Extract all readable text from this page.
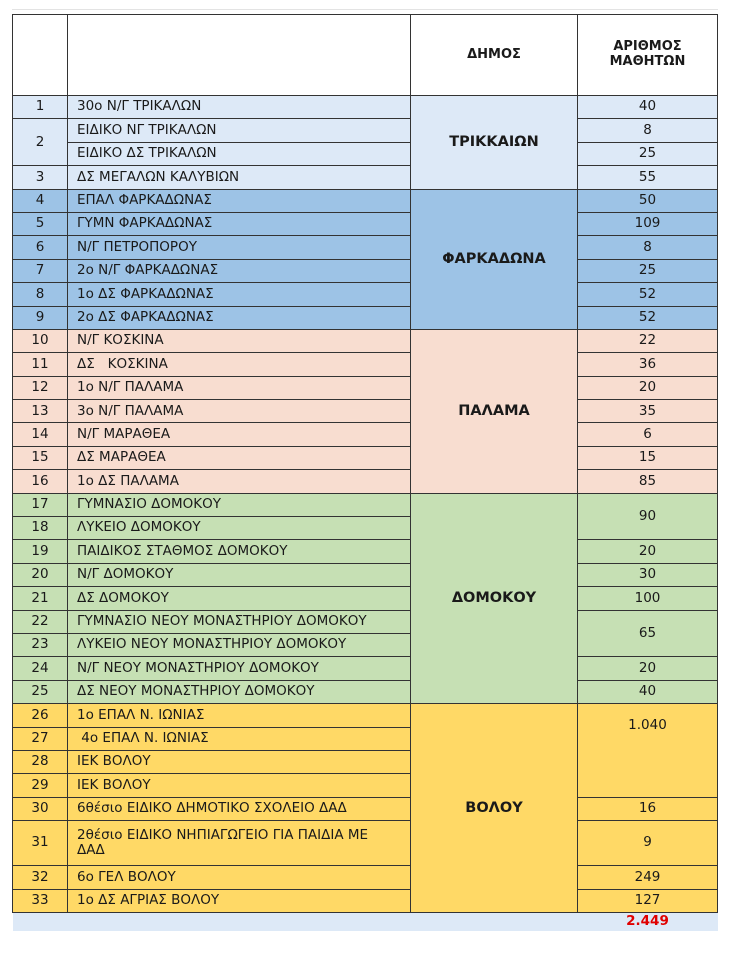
		ΔΗΜΟΣ	ΑΡΙΘΜΟΣ ΜΑΘΗΤΩΝ
1	30ο Ν/Γ ΤΡΙΚΑΛΩΝ	ΤΡΙΚΚΑΙΩΝ	40
2	ΕΙΔΙΚΟ ΝΓ ΤΡΙΚΑΛΩΝ		8
	ΕΙΔΙΚΟ ΔΣ ΤΡΙΚΑΛΩΝ		25
3	ΔΣ ΜΕΓΑΛΩΝ ΚΑΛΥΒΙΩΝ		55
4	ΕΠΑΛ ΦΑΡΚΑΔΩΝΑΣ	ΦΑΡΚΑΔΩΝΑ	50
5	ΓΥΜΝ ΦΑΡΚΑΔΩΝΑΣ		109
6	Ν/Γ ΠΕΤΡΟΠΟΡΟΥ		8
7	2ο Ν/Γ ΦΑΡΚΑΔΩΝΑΣ		25
8	1ο ΔΣ ΦΑΡΚΑΔΩΝΑΣ		52
9	2ο ΔΣ ΦΑΡΚΑΔΩΝΑΣ		52
10	Ν/Γ ΚΟΣΚΙΝΑ	ΠΑΛΑΜΑ	22
11	ΔΣ   ΚΟΣΚΙΝΑ		36
12	1ο Ν/Γ ΠΑΛΑΜΑ		20
13	3ο Ν/Γ ΠΑΛΑΜΑ		35
14	Ν/Γ ΜΑΡΑΘΕΑ		6
15	ΔΣ ΜΑΡΑΘΕΑ		15
16	1ο ΔΣ ΠΑΛΑΜΑ		85
17	ΓΥΜΝΑΣΙΟ ΔΟΜΟΚΟΥ	ΔΟΜΟΚΟΥ	90
18	ΛΥΚΕΙΟ ΔΟΜΟΚΟΥ		
19	ΠΑΙΔΙΚΟΣ ΣΤΑΘΜΟΣ ΔΟΜΟΚΟΥ		20
20	Ν/Γ ΔΟΜΟΚΟΥ		30
21	ΔΣ ΔΟΜΟΚΟΥ		100
22	ΓΥΜΝΑΣΙΟ ΝΕΟΥ ΜΟΝΑΣΤΗΡΙΟΥ ΔΟΜΟΚΟΥ		65
23	ΛΥΚΕΙΟ ΝΕΟΥ ΜΟΝΑΣΤΗΡΙΟΥ ΔΟΜΟΚΟΥ		
24	Ν/Γ ΝΕΟΥ ΜΟΝΑΣΤΗΡΙΟΥ ΔΟΜΟΚΟΥ		20
25	ΔΣ ΝΕΟΥ ΜΟΝΑΣΤΗΡΙΟΥ ΔΟΜΟΚΟΥ		40
26	1ο ΕΠΑΛ Ν. ΙΩΝΙΑΣ	ΒΟΛΟΥ	1.040
27	4ο ΕΠΑΛ Ν. ΙΩΝΙΑΣ		
28	ΙΕΚ ΒΟΛΟΥ		
29	ΙΕΚ ΒΟΛΟΥ		
30	6θέσιο ΕΙΔΙΚΟ ΔΗΜΟΤΙΚΟ ΣΧΟΛΕΙΟ ΔΑΔ		16
31	2θέσιο ΕΙΔΙΚΟ ΝΗΠΙΑΓΩΓΕΙΟ ΓΙΑ ΠΑΙΔΙΑ ΜΕ ΔΑΔ		9
32	6ο ΓΕΛ ΒΟΛΟΥ		249
33	1ο ΔΣ ΑΓΡΙΑΣ ΒΟΛΟΥ		127
			2.449
